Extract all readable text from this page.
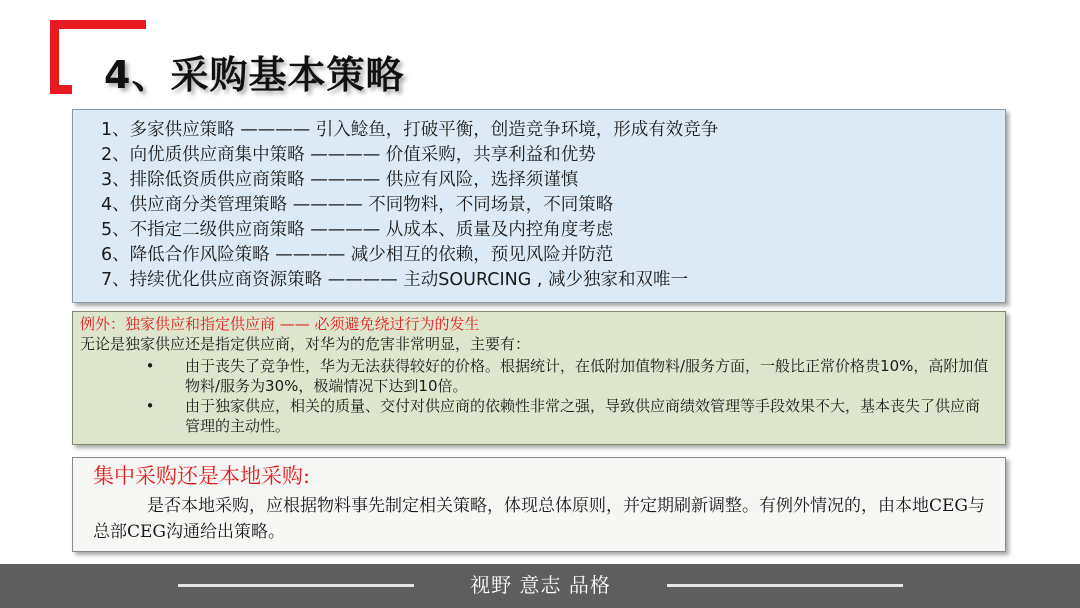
4、采购基本策略
1、多家供应策略 ———— 引入鲶鱼，打破平衡，创造竞争环境，形成有效竞争
2、向优质供应商集中策略 ———— 价值采购，共享利益和优势
3、排除低资质供应商策略 ———— 供应有风险，选择须谨慎
4、供应商分类管理策略 ———— 不同物料，不同场景，不同策略
5、不指定二级供应商策略 ———— 从成本、质量及内控角度考虑
6、降低合作风险策略 ———— 减少相互的依赖，预见风险并防范
7、持续优化供应商资源策略 ———— 主动SOURCING , 减少独家和双唯一
例外：独家供应和指定供应商 —— 必须避免绕过行为的发生
无论是独家供应还是指定供应商，对华为的危害非常明显，主要有：
• 由于丧失了竞争性，华为无法获得较好的价格。根据统计，在低附加值物料/服务方面，一般比正常价格贵10%，高附加值物料/服务为30%，极端情况下达到10倍。
• 由于独家供应，相关的质量、交付对供应商的依赖性非常之强，导致供应商绩效管理等手段效果不大，基本丧失了供应商管理的主动性。
集中采购还是本地采购:

是否本地采购，应根据物料事先制定相关策略，体现总体原则，并定期刷新调整。有例外情况的，由本地CEG与总部CEG沟通给出策略。

视野 意志 品格
